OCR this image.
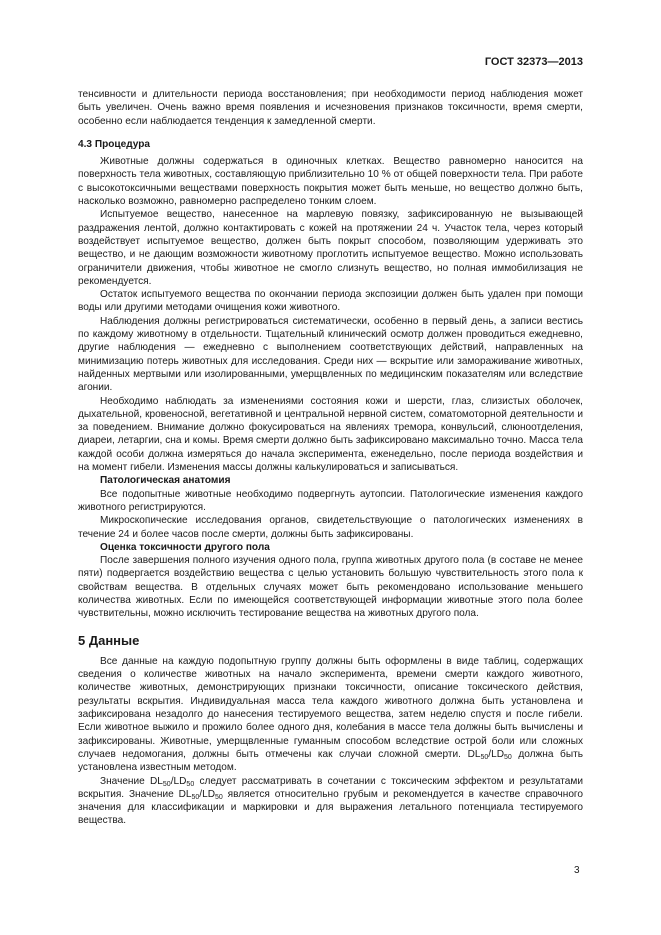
ГОСТ 32373—2013

тенсивности и длительности периода восстановления; при необходимости период наблюдения может быть увеличен. Очень важно время появления и исчезновения признаков токсичности, время смерти, особенно если наблюдается тенденция к замедленной смерти.

4.3 Процедура

Животные должны содержаться в одиночных клетках. Вещество равномерно наносится на поверхность тела животных, составляющую приблизительно 10 % от общей поверхности тела. При работе с высокотоксичными веществами поверхность покрытия может быть меньше, но вещество должно быть, насколько возможно, равномерно распределено тонким слоем.

Испытуемое вещество, нанесенное на марлевую повязку, зафиксированную не вызывающей раздражения лентой, должно контактировать с кожей на протяжении 24 ч. Участок тела, через который воздействует испытуемое вещество, должен быть покрыт способом, позволяющим удерживать это вещество, и не дающим возможности животному проглотить испытуемое вещество. Можно использовать ограничители движения, чтобы животное не смогло слизнуть вещество, но полная иммобилизация не рекомендуется.

Остаток испытуемого вещества по окончании периода экспозиции должен быть удален при помощи воды или другими методами очищения кожи животного.

Наблюдения должны регистрироваться систематически, особенно в первый день, а записи вестись по каждому животному в отдельности. Тщательный клинический осмотр должен проводиться ежедневно, другие наблюдения — ежедневно с выполнением соответствующих действий, направленных на минимизацию потерь животных для исследования. Среди них — вскрытие или замораживание животных, найденных мертвыми или изолированными, умерщвленных по медицинским показателям или вследствие агонии.

Необходимо наблюдать за изменениями состояния кожи и шерсти, глаз, слизистых оболочек, дыхательной, кровеносной, вегетативной и центральной нервной систем, соматомоторной деятельности и за поведением. Внимание должно фокусироваться на явлениях тремора, конвульсий, слюноотделения, диареи, летаргии, сна и комы. Время смерти должно быть зафиксировано максимально точно. Масса тела каждой особи должна измеряться до начала эксперимента, еженедельно, после периода воздействия и на момент гибели. Изменения массы должны калькулироваться и записываться.

Патологическая анатомия

Все подопытные животные необходимо подвергнуть аутопсии. Патологические изменения каждого животного регистрируются.

Микроскопические исследования органов, свидетельствующие о патологических изменениях в течение 24 и более часов после смерти, должны быть зафиксированы.

Оценка токсичности другого пола

После завершения полного изучения одного пола, группа животных другого пола (в составе не менее пяти) подвергается воздействию вещества с целью установить большую чувствительность этого пола к свойствам вещества. В отдельных случаях может быть рекомендовано использование меньшего количества животных. Если по имеющейся соответствующей информации животные этого пола более чувствительны, можно исключить тестирование вещества на животных другого пола.

5 Данные

Все данные на каждую подопытную группу должны быть оформлены в виде таблиц, содержащих сведения о количестве животных на начало эксперимента, времени смерти каждого животного, количестве животных, демонстрирующих признаки токсичности, описание токсического действия, результаты вскрытия. Индивидуальная масса тела каждого животного должна быть установлена и зафиксирована незадолго до нанесения тестируемого вещества, затем неделю спустя и после гибели. Если животное выжило и прожило более одного дня, колебания в массе тела должны быть вычислены и зафиксированы. Животные, умерщвленные гуманным способом вследствие острой боли или сложных случаев недомогания, должны быть отмечены как случаи сложной смерти. $DL_{50}/LD_{50}$ должна быть установлена известным методом.

Значение $DL_{50}/LD_{50}$ следует рассматривать в сочетании с токсическим эффектом и результатами вскрытия. Значение $DL_{50}/LD_{50}$ является относительно грубым и рекомендуется в качестве справочного значения для классификации и маркировки и для выражения летального потенциала тестируемого вещества.

3
